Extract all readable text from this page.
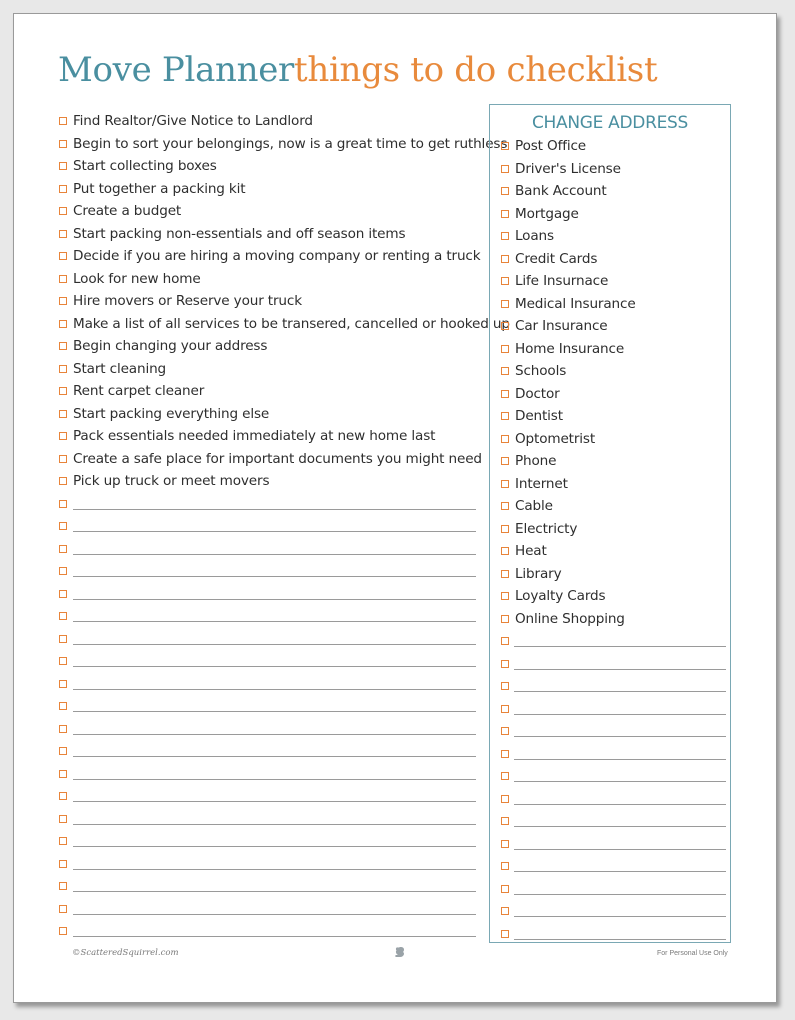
Move Plannerthings to do checklist
Find Realtor/Give Notice to Landlord
Begin to sort your belongings, now is a great time to get ruthless
Start collecting boxes
Put together a packing kit
Create a budget
Start packing non-essentials and off season items
Decide if you are hiring a moving company or renting a truck
Look for new home
Hire movers or Reserve your truck
Make a list of all services to be transered, cancelled or hooked up
Begin changing your address
Start cleaning
Rent carpet cleaner
Start packing everything else
Pack essentials needed immediately at new home last
Create a safe place for important documents you might need
Pick up truck or meet movers
CHANGE ADDRESS
Post Office
Driver's License
Bank Account
Mortgage
Loans
Credit Cards
Life Insurnace
Medical Insurance
Car Insurance
Home Insurance
Schools
Doctor
Dentist
Optometrist
Phone
Internet
Cable
Electricty
Heat
Library
Loyalty Cards
Online Shopping
©ScatteredSquirrel.com	For Personal Use Only
